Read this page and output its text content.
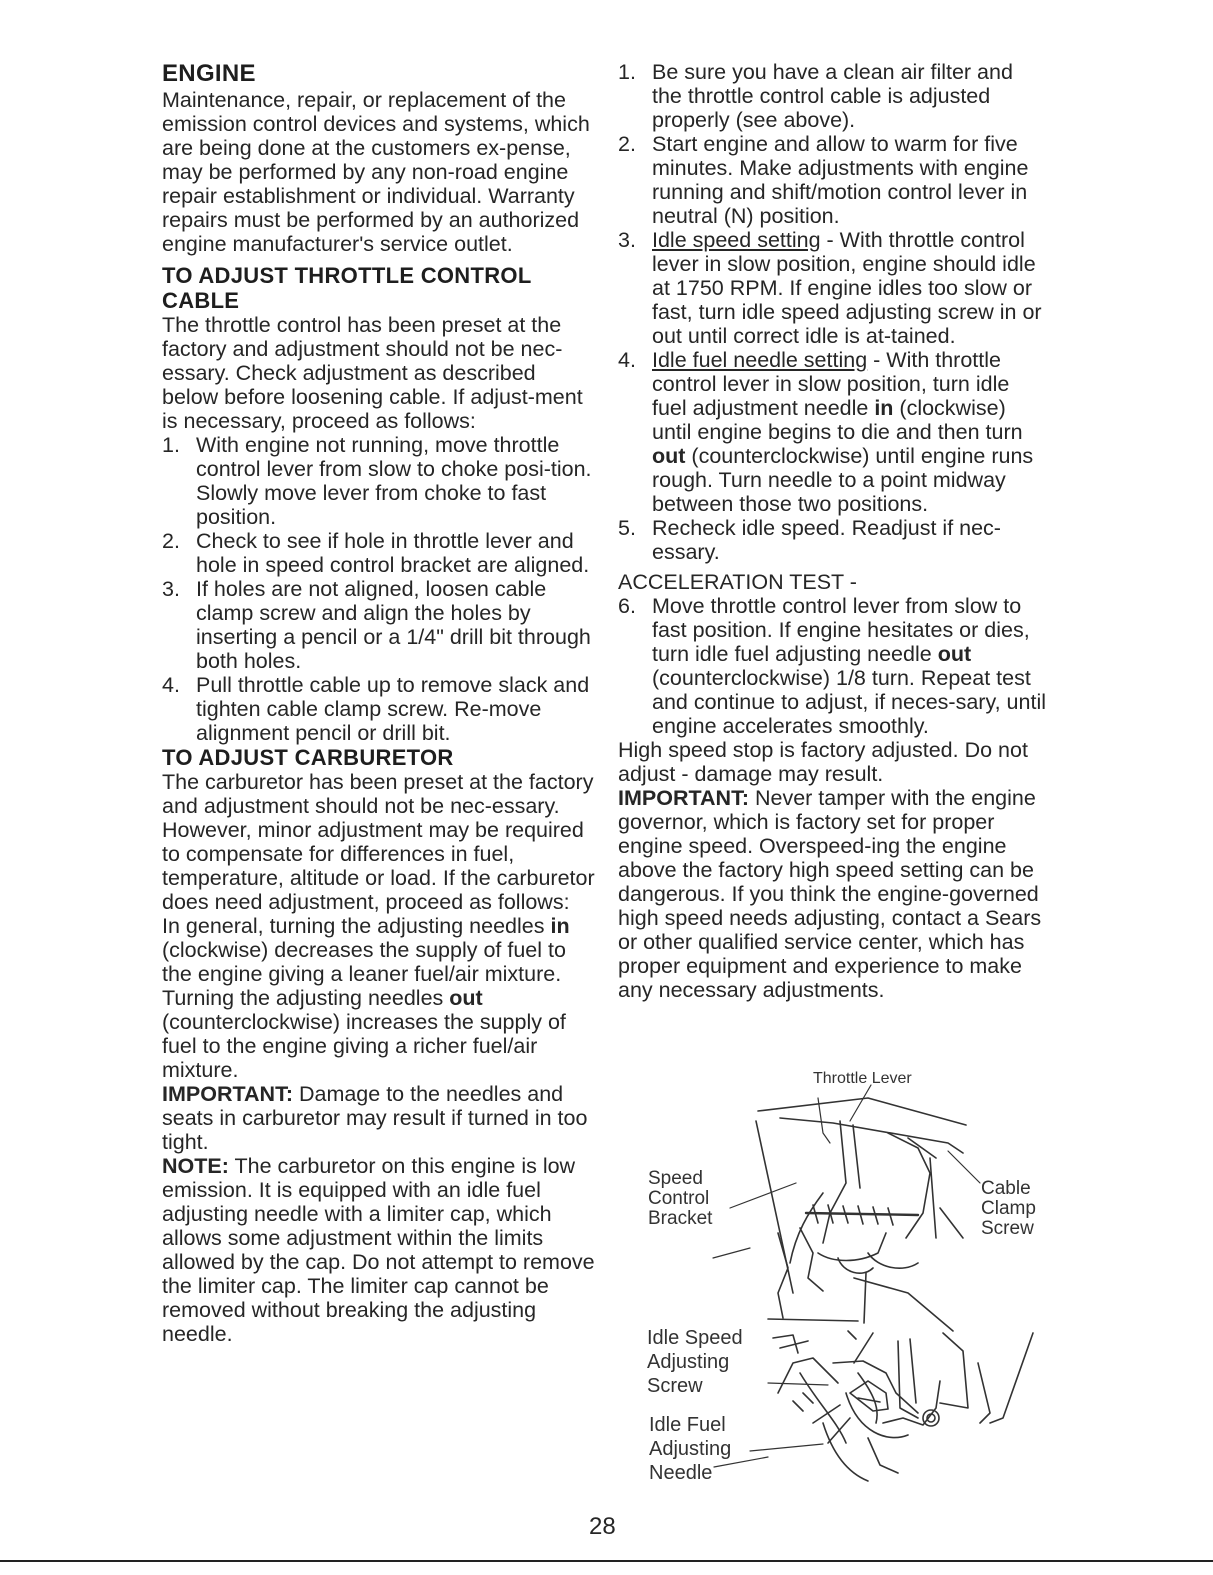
ENGINE

Maintenance, repair, or replacement of the emission control devices and systems, which are being done at the customers ex-pense, may be performed by any non-road engine repair establishment or individual. Warranty repairs must be performed by an authorized engine manufacturer's service outlet.

TO ADJUST THROTTLE CONTROL CABLE

The throttle control has been preset at the factory and adjustment should not be nec-essary. Check adjustment as described below before loosening cable. If adjust-ment is necessary, proceed as follows:

1. With engine not running, move throttle control lever from slow to choke posi-tion. Slowly move lever from choke to fast position.
2. Check to see if hole in throttle lever and hole in speed control bracket are aligned.
3. If holes are not aligned, loosen cable clamp screw and align the holes by inserting a pencil or a 1/4" drill bit through both holes.
4. Pull throttle cable up to remove slack and tighten cable clamp screw. Re-move alignment pencil or drill bit.
TO ADJUST CARBURETOR

The carburetor has been preset at the factory and adjustment should not be nec-essary. However, minor adjustment may be required to compensate for differences in fuel, temperature, altitude or load. If the carburetor does need adjustment, proceed as follows:

In general, turning the adjusting needles in (clockwise) decreases the supply of fuel to the engine giving a leaner fuel/air mixture. Turning the adjusting needles out (counterclockwise) increases the supply of fuel to the engine giving a richer fuel/air mixture.

IMPORTANT: Damage to the needles and seats in carburetor may result if turned in too tight.

NOTE: The carburetor on this engine is low emission. It is equipped with an idle fuel adjusting needle with a limiter cap, which allows some adjustment within the limits allowed by the cap. Do not attempt to remove the limiter cap. The limiter cap cannot be removed without breaking the adjusting needle.

1. Be sure you have a clean air filter and the throttle control cable is adjusted properly (see above).
2. Start engine and allow to warm for five minutes. Make adjustments with engine running and shift/motion control lever in neutral (N) position.
3. Idle speed setting - With throttle control lever in slow position, engine should idle at 1750 RPM. If engine idles too slow or fast, turn idle speed adjusting screw in or out until correct idle is at-tained.
4. Idle fuel needle setting - With throttle control lever in slow position, turn idle fuel adjustment needle in (clockwise) until engine begins to die and then turn out (counterclockwise) until engine runs rough. Turn needle to a point midway between those two positions.
5. Recheck idle speed. Readjust if nec-essary.

ACCELERATION TEST -

6. Move throttle control lever from slow to fast position. If engine hesitates or dies, turn idle fuel adjusting needle out (counterclockwise) 1/8 turn. Repeat test and continue to adjust, if neces-sary, until engine accelerates smoothly.

High speed stop is factory adjusted. Do not adjust - damage may result.

IMPORTANT: Never tamper with the engine governor, which is factory set for proper engine speed. Overspeed-ing the engine above the factory high speed setting can be dangerous. If you think the engine-governed high speed needs adjusting, contact a Sears or other qualified service center, which has proper equipment and experience to make any necessary adjustments.

Throttle Lever
Speed
Control
Bracket
Cable
Clamp
Screw
Idle Speed
Adjusting
Screw
Idle Fuel
Adjusting
Needle
28
